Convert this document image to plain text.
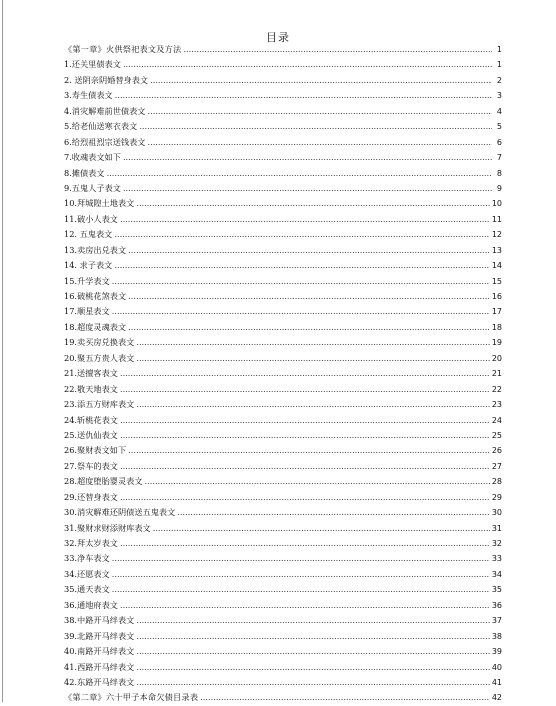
目录
《第一章》火供祭祀表文及方法 .....	1
1.还关里债表文 .....	1
2. 送阴亲阴婚替身表文 .....	2
3.寿生债表文 .....	3
4.消灾解难前世债表文 .....	4
5.给老仙送寒衣表文 .....	5
6.给烈祖烈宗送钱表文 .....	6
7.收魂表文如下 .....	7
8.摊债表文 .....	8
9.五鬼人子表文 .....	9
10.拜城隍土地表文 .....	10
11.破小人表文 .....	11
12. 五鬼表文 .....	12
13.卖房出兑表文 .....	13
14. 求子表文 .....	14
15.升学表文 .....	15
16.破桃花煞表文 .....	16
17.顺星表文 .....	17
18.超度灵魂表文 .....	18
19.卖买房兑换表文 .....	19
20.聚五方贵人表文 .....	20
21.送擅客表文 .....	21
22.敬天地表文 .....	22
23.添五方财库表文 .....	23
24.斩桃花表文 .....	24
25.送仇仙表文 .....	25
26.聚财表文如下 .....	26
27.祭车的表文 .....	27
28.超度堕胎婴灵表文 .....	28
29.还替身表文 .....	29
30.消灾解难还阴债送五鬼表文 .....	30
31.聚财求财添财库表文 .....	31
32.拜太岁表文 .....	32
33.净车表文 .....	33
34.还愿表文 .....	34
35.通天表文 .....	35
36.通地府表文 .....	36
38.中路开马绊表文 .....	37
39.北路开马绊表文 .....	38
40.南路开马绊表文 .....	39
41.西路开马绊表文 .....	40
42.东路开马绊表文 .....	41
《第二章》六十甲子本命欠债目录表 .....	42
